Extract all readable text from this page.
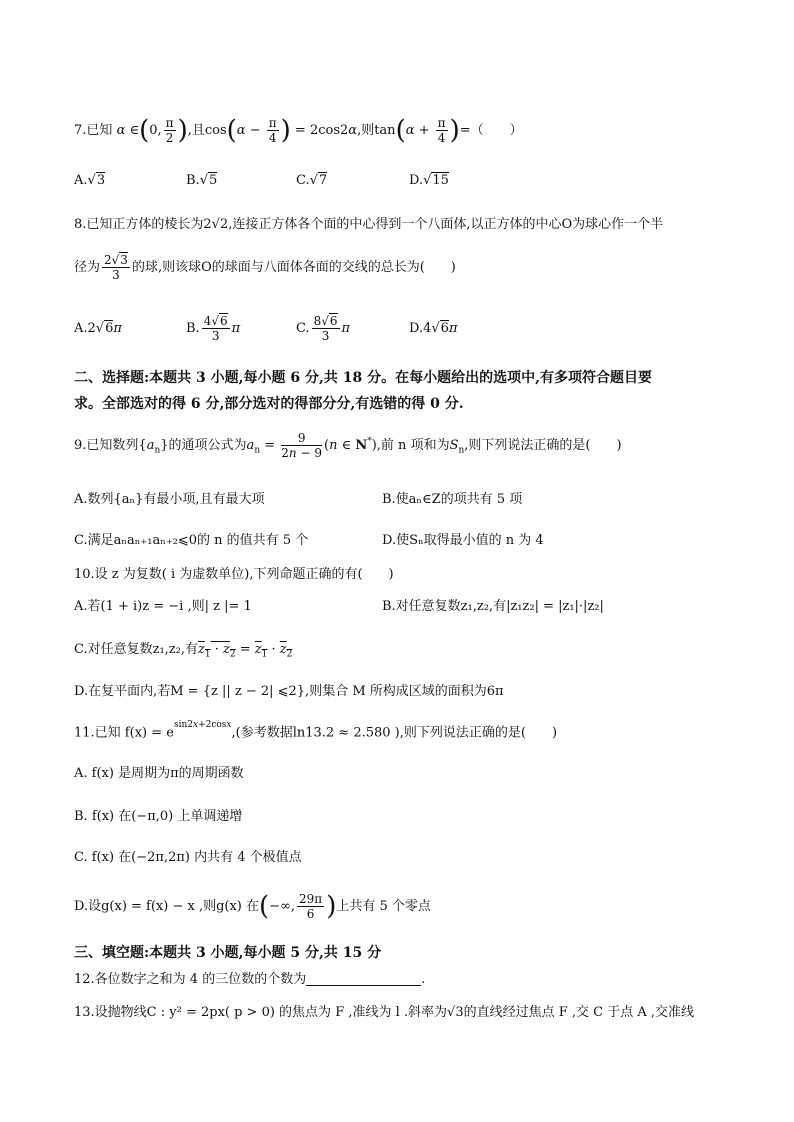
7.已知 α ∈(0, $\frac{\pi}{2}$ ),且$\cos(\alpha - \frac{\pi}{4}$ ) = 2cos2α,则$\tan(\alpha + \frac{\pi}{4}$ )=（　　）
A.√3	B.√5	C.√7	D.√15
8.已知正方体的棱长为2√2,连接正方体各个面的中心得到一个八面体,以正方体的中心O为球心作一个半
径为 $\frac{2√3}{3}$ 的球,则该球O的球面与八面体各面的交线的总长为(　　)
A.2√6π	B. $\frac{4√6}{3}$ π	C. $\frac{8√6}{3}$ π	D.4√6π
二、选择题:本题共 3 小题,每小题 6 分,共 18 分。在每小题给出的选项中,有多项符合题目要
求。全部选对的得 6 分,部分选对的得部分分,有选错的得 0 分.
9.已知数列$\{a_n\}$的通项公式为$a_n = \frac{9}{2n - 9} (n$ ∈ N*),前 n 项和为$S_n$,则下列说法正确的是(　　)
A.数列{aₙ}有最小项,且有最大项	B.使aₙ∈Z的项共有 5 项
C.满足aₙaₙ₊₁aₙ₊₂⩽0的 n 的值共有 5 个	D.使Sₙ取得最小值的 n 为 4
10.设 z 为复数( i 为虚数单位),下列命题正确的有(　　)
A.若(1 + i)z = −i ,则| z |= 1	B.对任意复数z₁,z₂,有|z₁z₂| = |z₁|·|z₂|
C.对任意复数z₁,z₂,有$z_1 \cdot z_2 = z_1 \cdot z_2$
D.在复平面内,若M = {z || z − 2| ⩽2},则集合 M 所构成区域的面积为6π
11.已知 $f(x) = e^{sin2x+2cosx}$,(参考数据ln13.2 ≈ 2.580 ),则下列说法正确的是(　　)
A. f(x) 是周期为π的周期函数
B. f(x) 在(−π,0) 上单调递增
C. f(x) 在(−2π,2π) 内共有 4 个极值点
D.设g(x) = f(x) − x ,则g(x) 在(−∞, $\frac{29\pi}{6}$ )上共有 5 个零点
三、填空题:本题共 3 小题,每小题 5 分,共 15 分
12.各位数字之和为 4 的三位数的个数为	.
13.设抛物线C : y² = 2px( p > 0) 的焦点为 F ,准线为 l .斜率为√3的直线经过焦点 F ,交 C 于点 A ,交准线
